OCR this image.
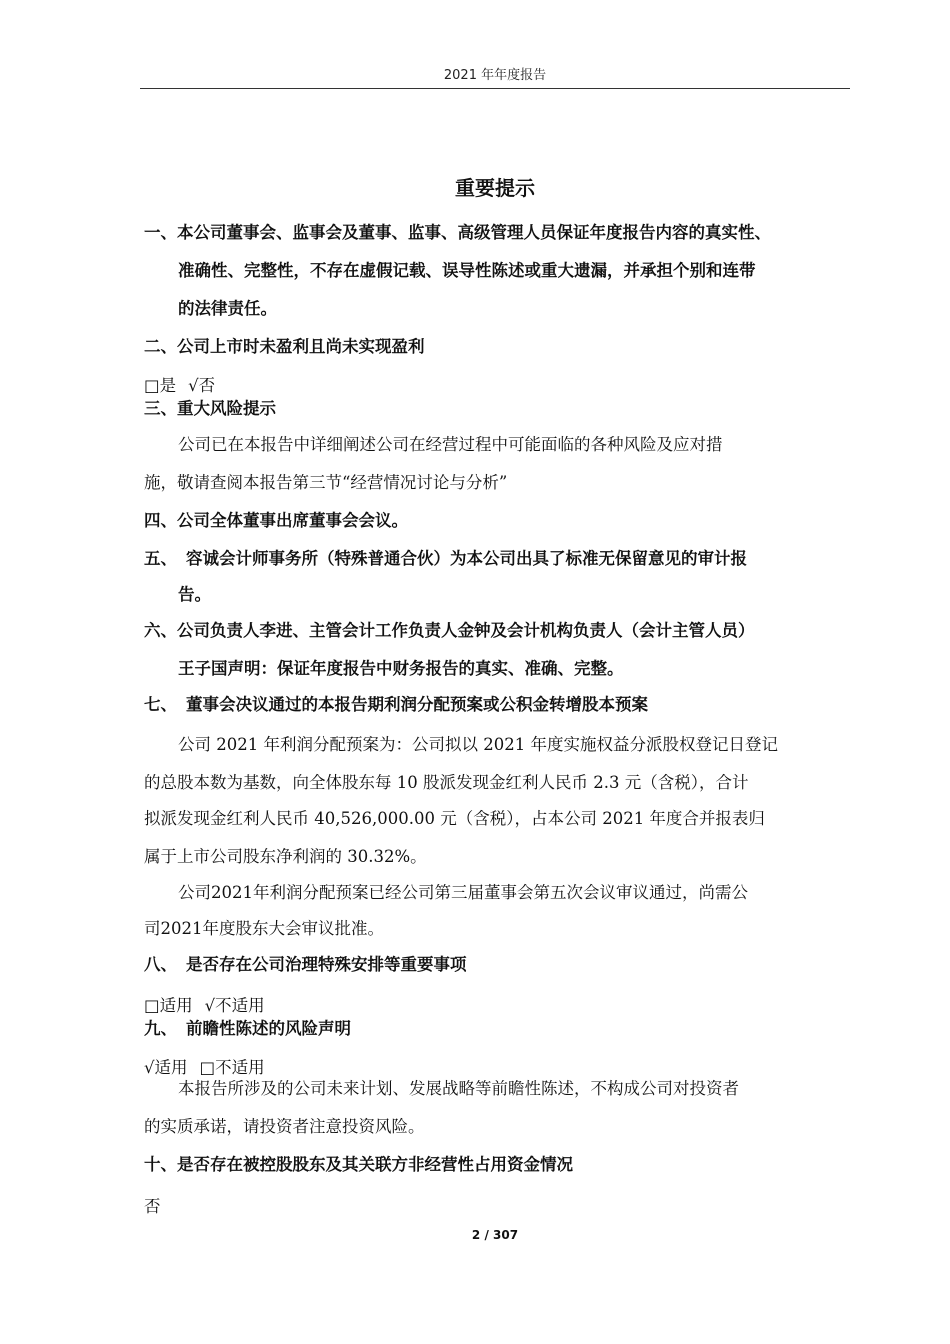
2021 年年度报告
重要提示
一、本公司董事会、监事会及董事、监事、高级管理人员保证年度报告内容的真实性、
准确性、完整性，不存在虚假记载、误导性陈述或重大遗漏，并承担个别和连带
的法律责任。
二、公司上市时未盈利且尚未实现盈利
□是 √否
三、重大风险提示
公司已在本报告中详细阐述公司在经营过程中可能面临的各种风险及应对措
施，敬请查阅本报告第三节“经营情况讨论与分析”
四、公司全体董事出席董事会会议。
五、 容诚会计师事务所（特殊普通合伙）为本公司出具了标准无保留意见的审计报
告。
六、公司负责人李进、主管会计工作负责人金钟及会计机构负责人（会计主管人员）
王子国声明：保证年度报告中财务报告的真实、准确、完整。
七、 董事会决议通过的本报告期利润分配预案或公积金转增股本预案
公司 2021 年利润分配预案为：公司拟以 2021 年度实施权益分派股权登记日登记
的总股本数为基数，向全体股东每 10 股派发现金红利人民币 2.3 元（含税），合计
拟派发现金红利人民币 40,526,000.00 元（含税），占本公司 2021 年度合并报表归
属于上市公司股东净利润的 30.32%。
公司2021年利润分配预案已经公司第三届董事会第五次会议审议通过，尚需公
司2021年度股东大会审议批准。
八、 是否存在公司治理特殊安排等重要事项
□适用 √不适用
九、 前瞻性陈述的风险声明
√适用 □不适用
本报告所涉及的公司未来计划、发展战略等前瞻性陈述，不构成公司对投资者
的实质承诺，请投资者注意投资风险。
十、是否存在被控股股东及其关联方非经营性占用资金情况
否
2 / 307
